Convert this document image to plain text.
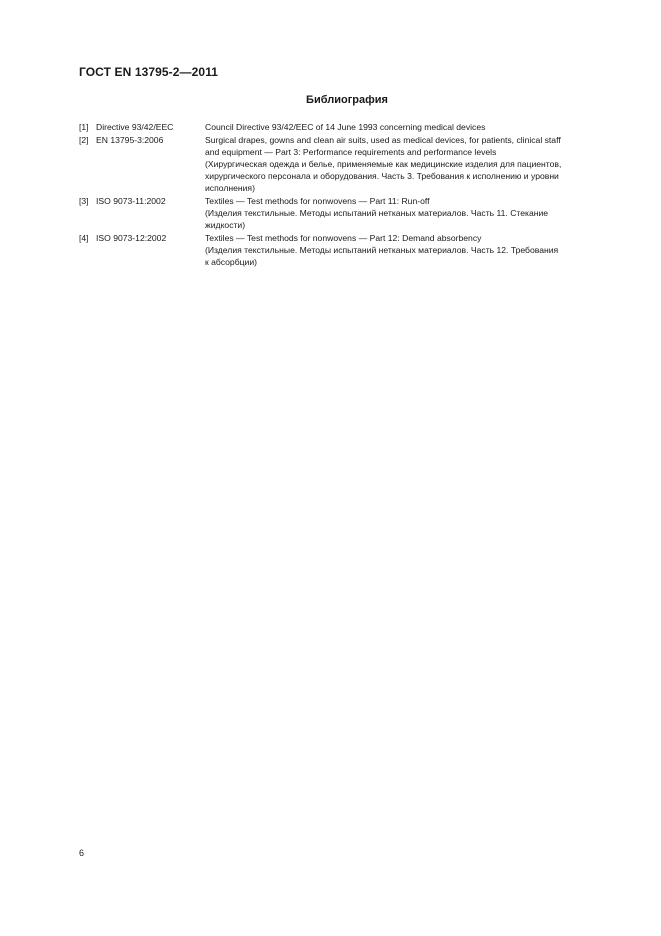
ГОСТ EN 13795-2—2011
Библиография
[1] Directive 93/42/EEC	Council Directive 93/42/EEC of 14 June 1993 concerning medical devices
[2] EN 13795-3:2006	Surgical drapes, gowns and clean air suits, used as medical devices, for patients, clinical staff
and equipment — Part 3: Performance requirements and performance levels
(Хирургическая одежда и белье, применяемые как медицинские изделия для пациентов,
хирургического персонала и оборудования. Часть 3. Требования к исполнению и уровни
исполнения)
[3] ISO 9073-11:2002	Textiles — Test methods for nonwovens — Part 11: Run-off
(Изделия текстильные. Методы испытаний нетканых материалов. Часть 11. Стекание
жидкости)
[4] ISO 9073-12:2002	Textiles — Test methods for nonwovens — Part 12: Demand absorbency
(Изделия текстильные. Методы испытаний нетканых материалов. Часть 12. Требования
к абсорбции)
6
